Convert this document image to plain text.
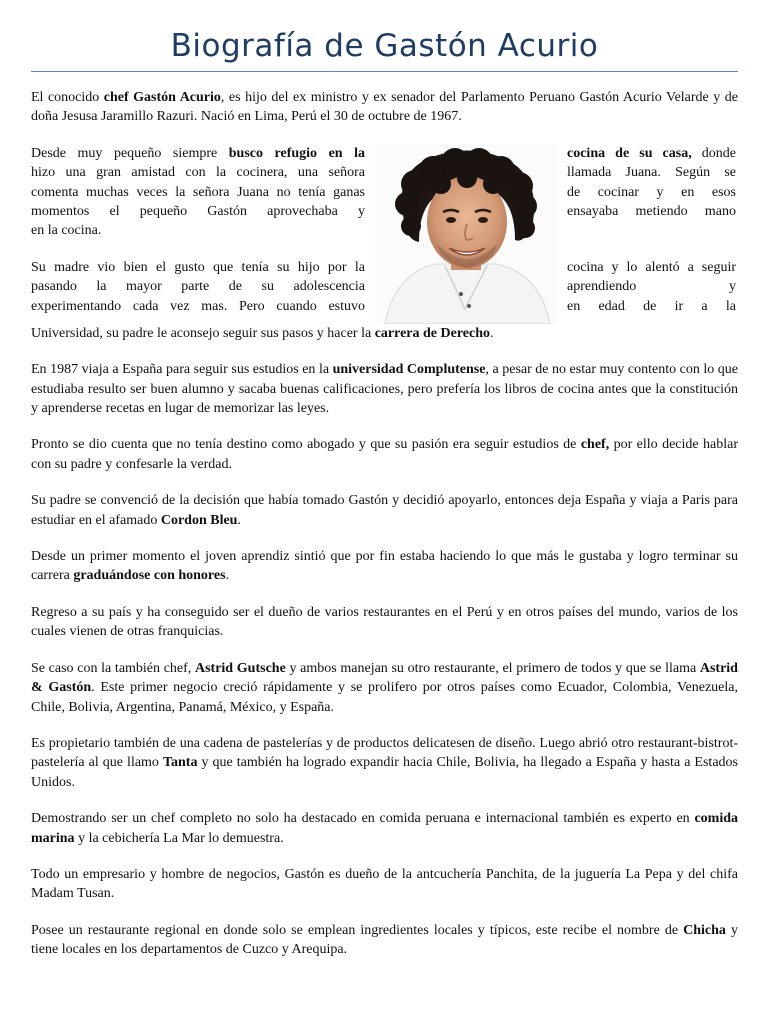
Biografía de Gastón Acurio

El conocido chef Gastón Acurio, es hijo del ex ministro y ex senador del Parlamento Peruano Gastón Acurio Velarde y de doña Jesusa Jaramillo Razuri. Nació en Lima, Perú el 30 de octubre de 1967.

Desde muy pequeño siempre busco refugio en la
hizo una gran amistad con la cocinera, una señora
comenta muchas veces la señora Juana no tenía ganas
momentos el pequeño Gastón aprovechaba y
en la cocina.
Su madre vio bien el gusto que tenía su hijo por la
pasando la mayor parte de su adolescencia
experimentando cada vez mas. Pero cuando estuvo
cocina de su casa, donde
llamada Juana. Según se
de cocinar y en esos
ensayaba metiendo mano

cocina y lo alentó a seguir
aprendiendo y
en edad de ir a la

Universidad, su padre le aconsejo seguir sus pasos y hacer la carrera de Derecho.

En 1987 viaja a España para seguir sus estudios en la universidad Complutense, a pesar de no estar muy contento con lo que estudiaba resulto ser buen alumno y sacaba buenas calificaciones, pero prefería los libros de cocina antes que la constitución y aprenderse recetas en lugar de memorizar las leyes.

Pronto se dio cuenta que no tenía destino como abogado y que su pasión era seguir estudios de chef, por ello decide hablar con su padre y confesarle la verdad.

Su padre se convenció de la decisión que había tomado Gastón y decidió apoyarlo, entonces deja España y viaja a Paris para estudiar en el afamado Cordon Bleu.

Desde un primer momento el joven aprendiz sintió que por fin estaba haciendo lo que más le gustaba y logro terminar su carrera graduándose con honores.

Regreso a su país y ha conseguido ser el dueño de varios restaurantes en el Perú y en otros países del mundo, varios de los cuales vienen de otras franquicias.

Se caso con la también chef, Astrid Gutsche y ambos manejan su otro restaurante, el primero de todos y que se llama Astrid & Gastón. Este primer negocio creció rápidamente y se prolifero por otros países como Ecuador, Colombia, Venezuela, Chile, Bolivia, Argentina, Panamá, México, y España.

Es propietario también de una cadena de pastelerías y de productos delicatesen de diseño. Luego abrió otro restaurant-bistrot-pastelería al que llamo Tanta y que también ha logrado expandir hacia Chile, Bolivia, ha llegado a España y hasta a Estados Unidos.

Demostrando ser un chef completo no solo ha destacado en comida peruana e internacional también es experto en comida marina y la cebichería La Mar lo demuestra.

Todo un empresario y hombre de negocios, Gastón es dueño de la antcuchería Panchita, de la juguería La Pepa y del chifa Madam Tusan.

Posee un restaurante regional en donde solo se emplean ingredientes locales y típicos, este recibe el nombre de Chicha y tiene locales en los departamentos de Cuzco y Arequipa.
